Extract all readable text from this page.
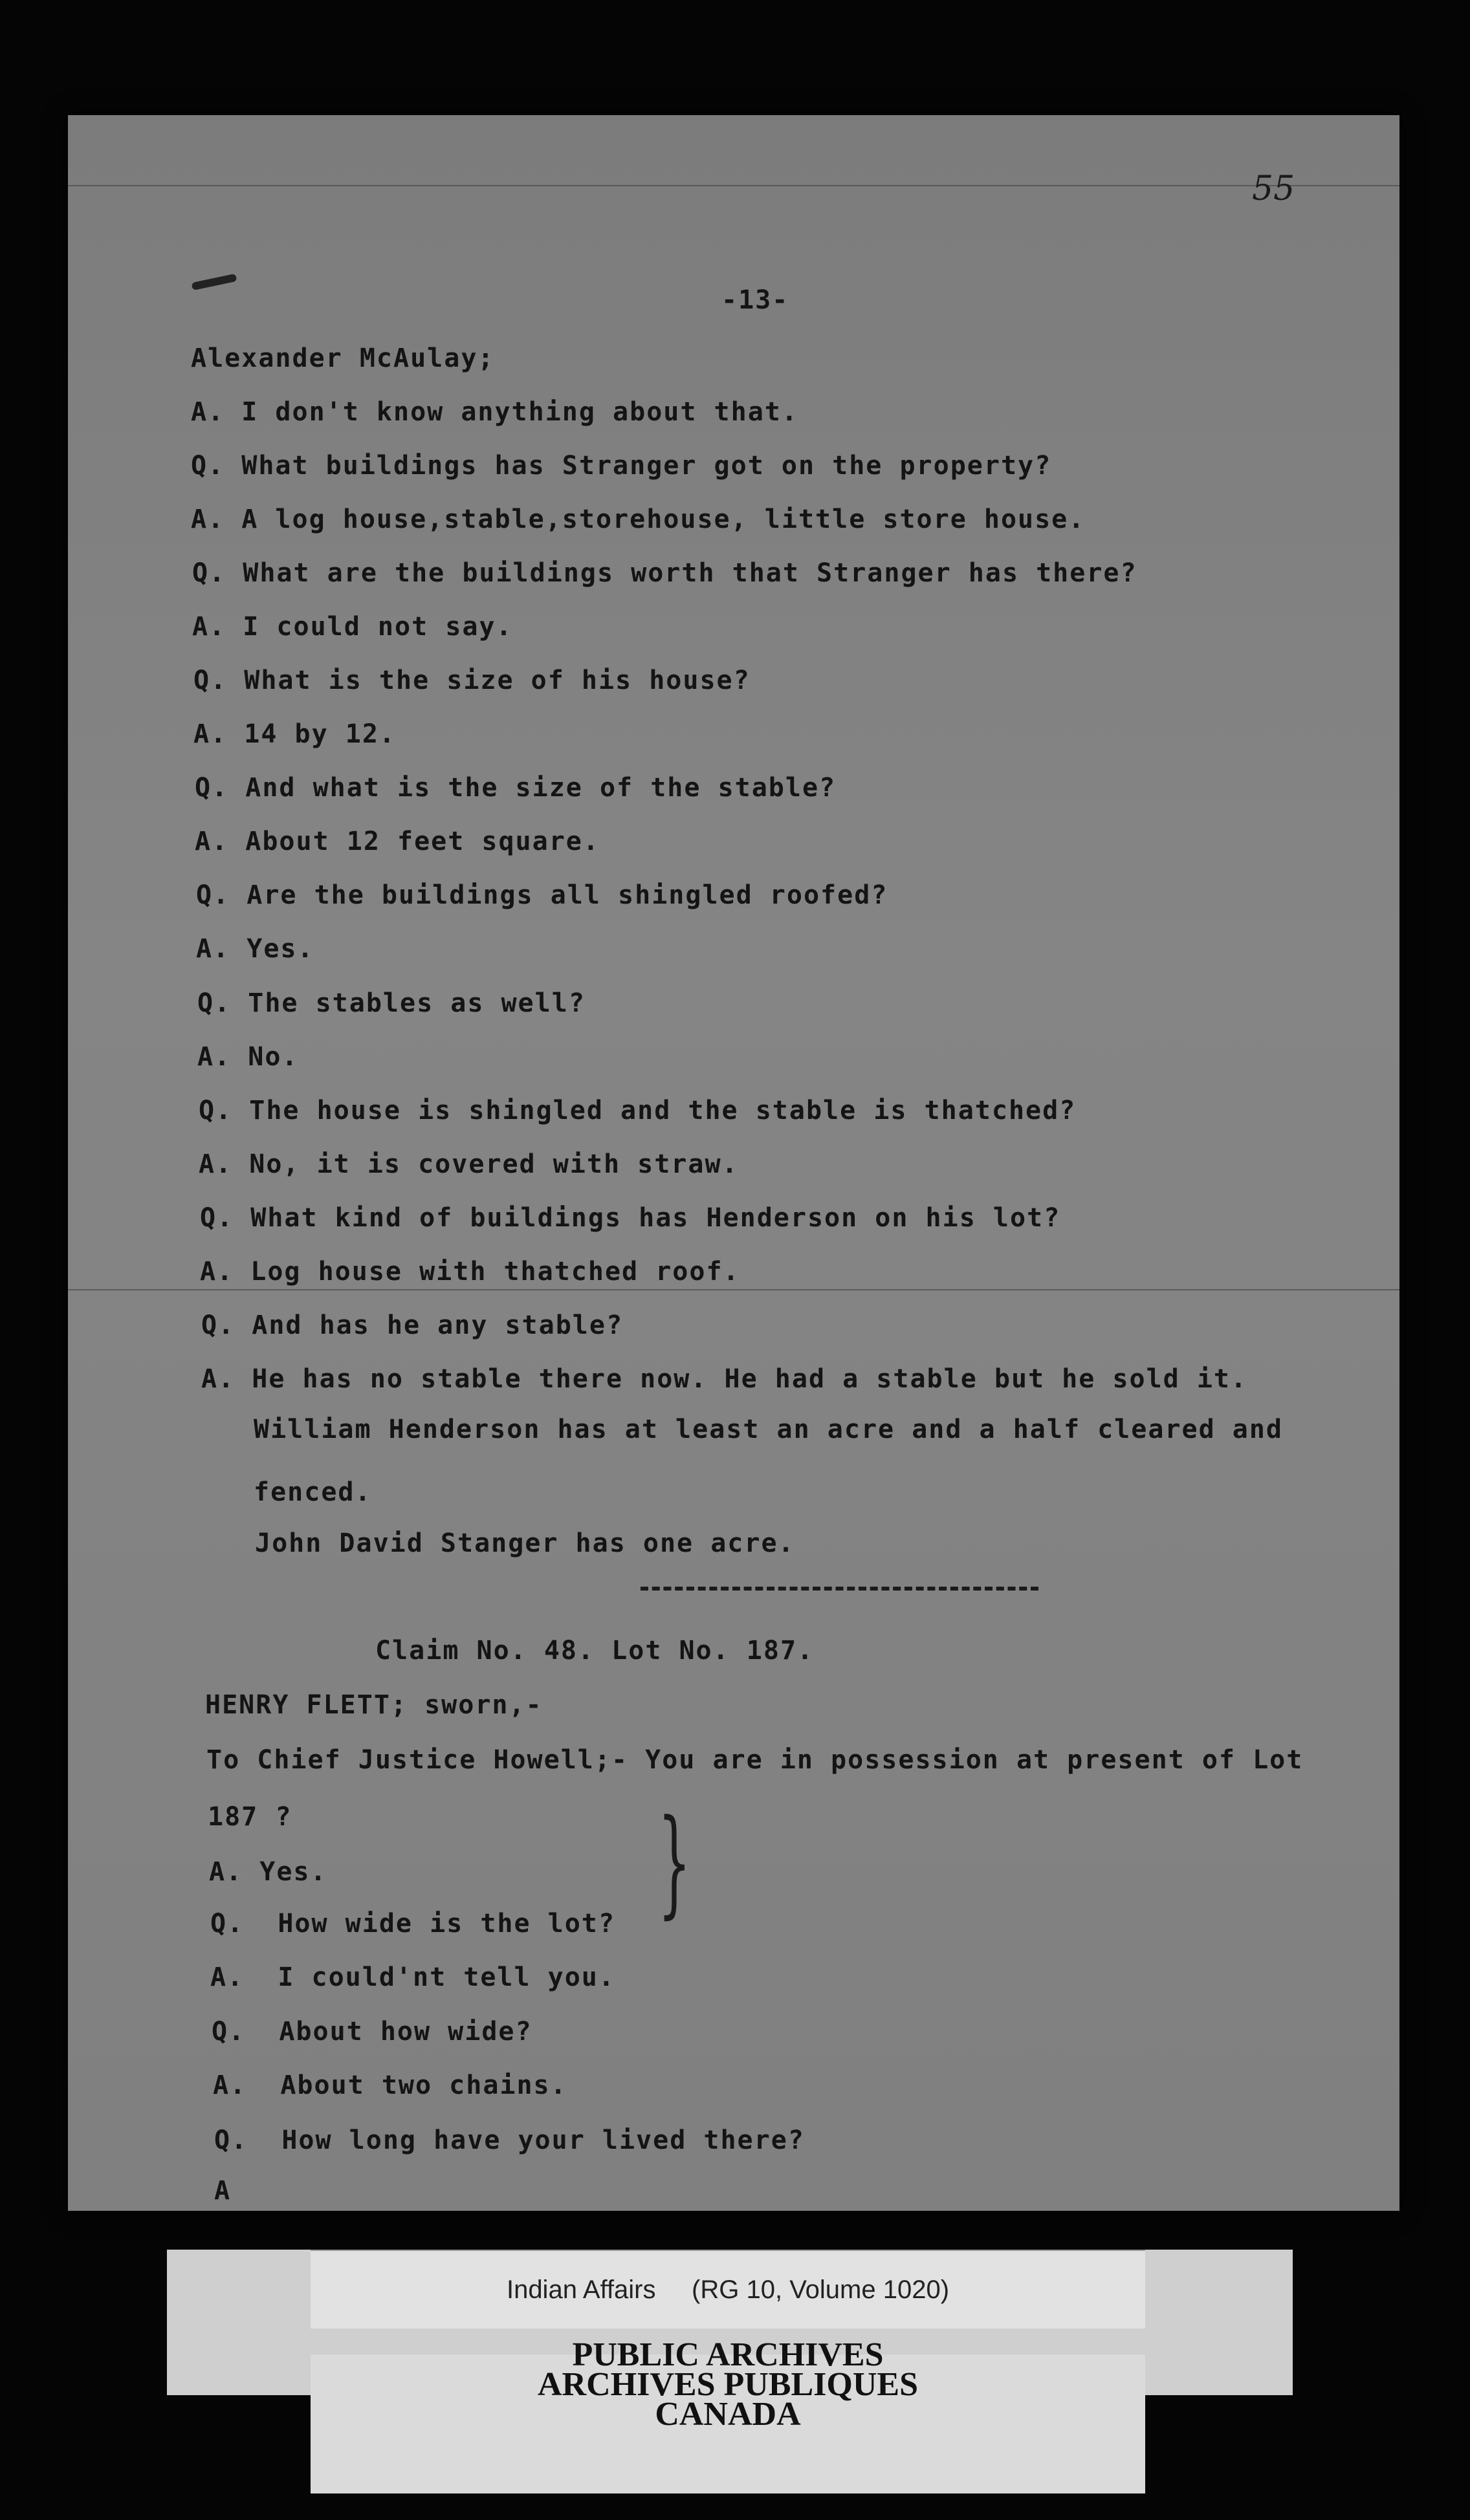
55
-13-
Alexander McAulay;
A. I don't know anything about that.
Q. What buildings has Stranger got on the property?
A. A log house,stable,storehouse, little store house.
Q. What are the buildings worth that Stranger has there?
A. I could not say.
Q. What is the size of his house?
A. 14 by 12.
Q. And what is the size of the stable?
A. About 12 feet square.
Q. Are the buildings all shingled roofed?
A. Yes.
Q. The stables as well?
A. No.
Q. The house is shingled and the stable is thatched?
A. No, it is covered with straw.
Q. What kind of buildings has Henderson on his lot?
A. Log house with thatched roof.
Q. And has he any stable?
A. He has no stable there now. He had a stable but he sold it.
William Henderson has at least an acre and a half cleared and
fenced.
John David Stanger has one acre.
Claim No. 48. Lot No. 187.
HENRY FLETT; sworn,-
To Chief Justice Howell;- You are in possession at present of Lot
187 ?
A. Yes.
Q.  How wide is the lot?
A.  I could'nt tell you.
Q.  About how wide?
A.  About two chains.
Q.  How long have your lived there?
A
}
Indian Affairs     (RG 10, Volume 1020)
PUBLIC ARCHIVES
ARCHIVES PUBLIQUES
CANADA
